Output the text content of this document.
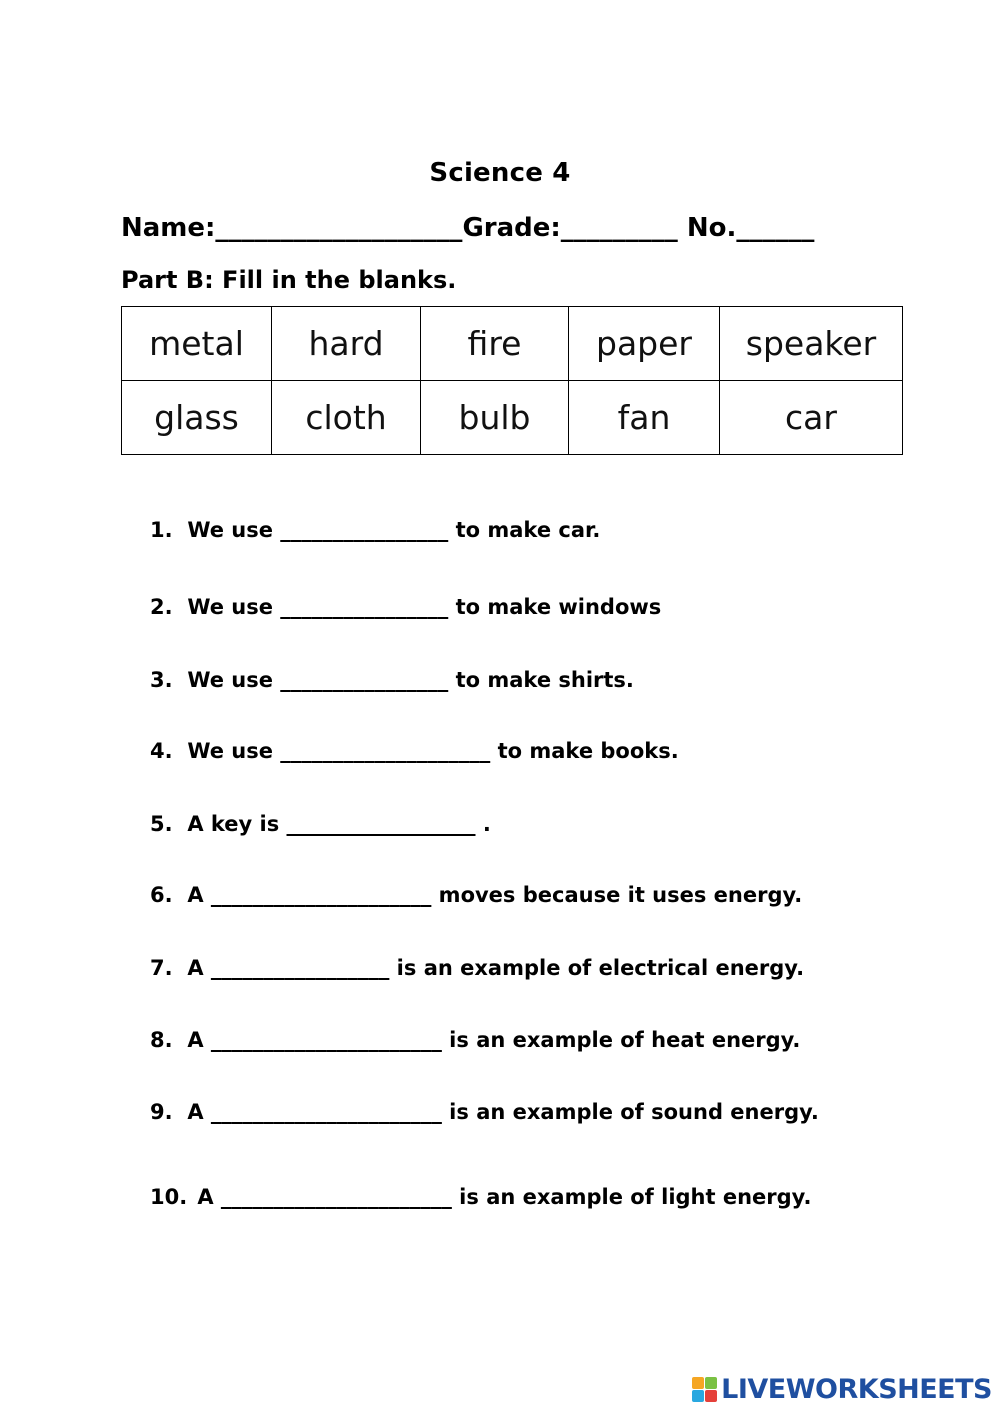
Science 4
Name:___________________Grade:_________ No.______
Part B: Fill in the blanks.
metal	hard	fire	paper	speaker
glass	cloth	bulb	fan	car
1. We use ________________ to make car.
2. We use ________________ to make windows
3. We use ________________ to make shirts.
4. We use ____________________ to make books.
5. A key is __________________ .
6. A _____________________ moves because it uses energy.
7. A _________________ is an example of electrical energy.
8. A ______________________ is an example of heat energy.
9. A ______________________ is an example of sound energy.
10. A ______________________ is an example of light energy.
LIVEWORKSHEETS
